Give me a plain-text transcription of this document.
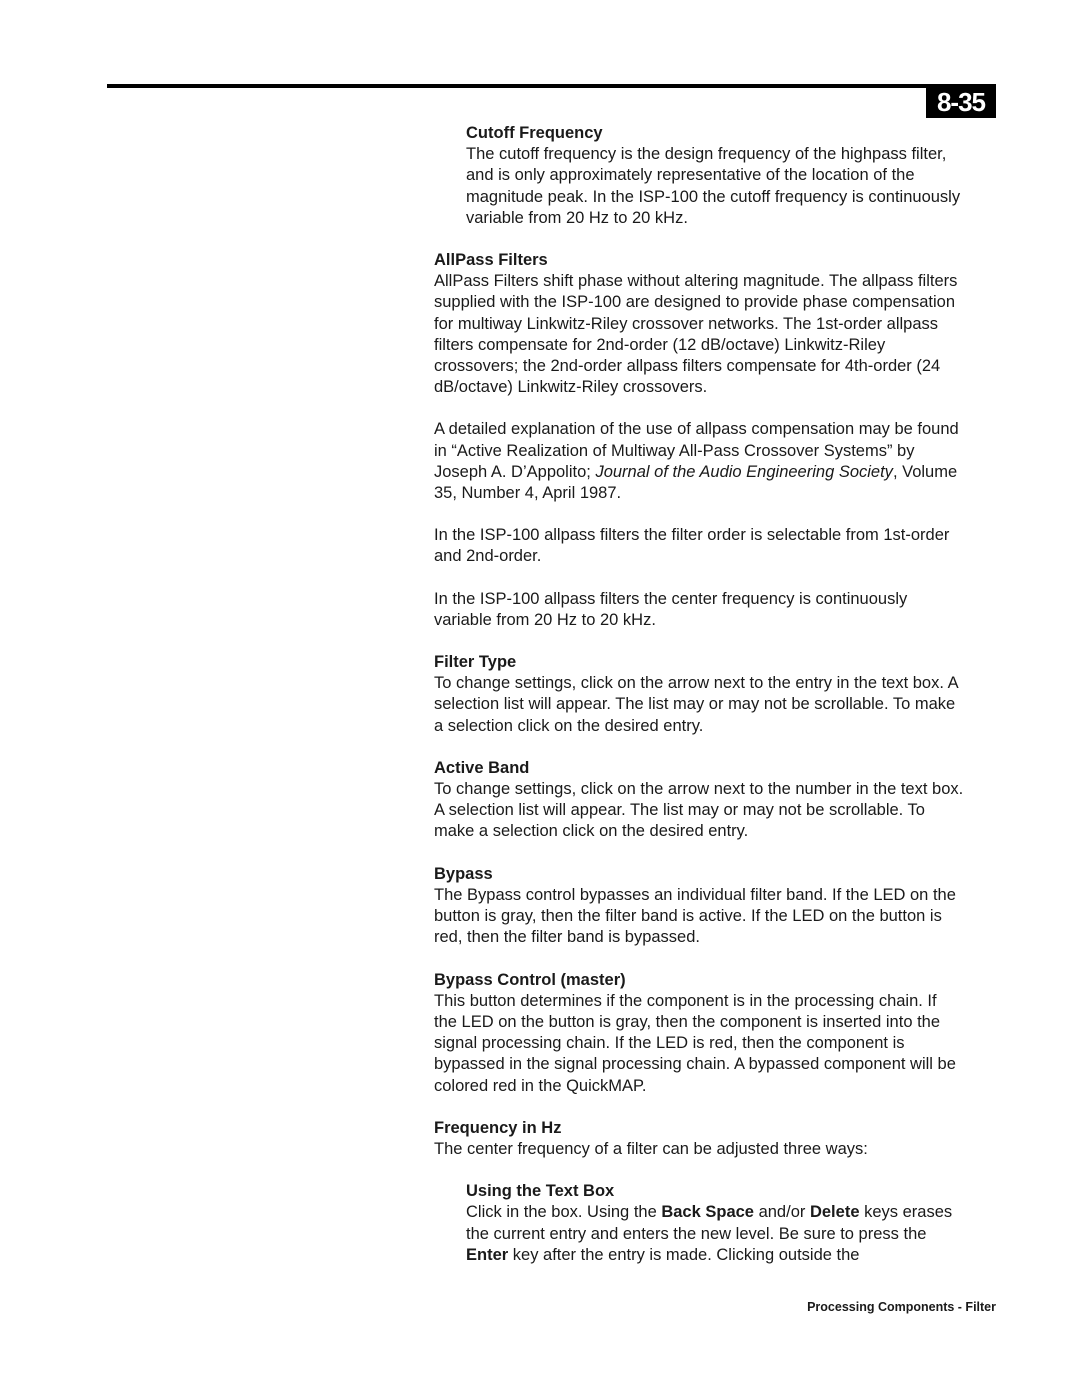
8-35

Cutoff Frequency

The cutoff frequency is the design frequency of the highpass filter, and is only approximately representative of the location of the magnitude peak. In the ISP-100 the cutoff frequency is continuously variable from 20 Hz to 20 kHz.

AllPass Filters

AllPass Filters shift phase without altering magnitude. The allpass filters supplied with the ISP-100 are designed to provide phase compensation for multiway Linkwitz-Riley crossover networks. The 1st-order allpass filters compensate for 2nd-order (12 dB/octave) Linkwitz-Riley crossovers; the 2nd-order allpass filters compensate for 4th-order (24 dB/octave) Linkwitz-Riley crossovers.

A detailed explanation of the use of allpass compensation may be found in “Active Realization of Multiway All-Pass Crossover Systems” by Joseph A. D’Appolito; Journal of the Audio Engineering Society, Volume 35, Number 4, April 1987.

In the ISP-100 allpass filters the filter order is selectable from 1st-order and 2nd-order.

In the ISP-100 allpass filters the center frequency is continuously variable from 20 Hz to 20 kHz.

Filter Type

To change settings, click on the arrow next to the entry in the text box. A selection list will appear. The list may or may not be scrollable. To make a selection click on the desired entry.

Active Band

To change settings, click on the arrow next to the number in the text box. A selection list will appear. The list may or may not be scrollable. To make a selection click on the desired entry.

Bypass

The Bypass control bypasses an individual filter band. If the LED on the button is gray, then the filter band is active. If the LED on the button is red, then the filter band is bypassed.

Bypass Control (master)

This button determines if the component is in the processing chain. If the LED on the button is gray, then the component is inserted into the signal processing chain. If the LED is red, then the component is bypassed in the signal processing chain. A bypassed component will be colored red in the QuickMAP.

Frequency in Hz

The center frequency of a filter can be adjusted three ways:

Using the Text Box

Click in the box. Using the Back Space and/or Delete keys erases the current entry and enters the new level. Be sure to press the Enter key after the entry is made. Clicking outside the

Processing Components - Filter
